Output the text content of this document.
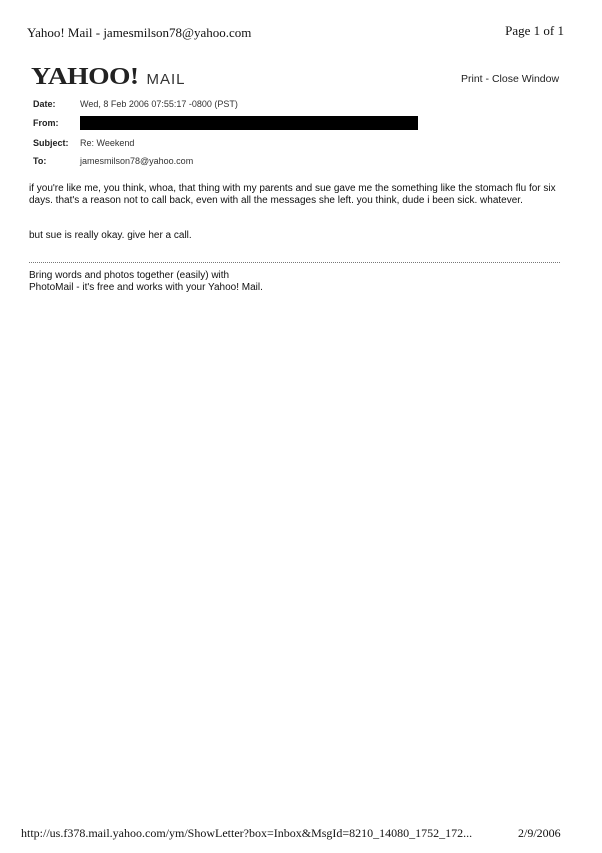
Yahoo! Mail - jamesmilson78@yahoo.com	Page 1 of 1
YAHOO! MAIL	Print - Close Window
Date:	Wed, 8 Feb 2006 07:55:17 -0800 (PST)
From:
Subject:	Re: Weekend
To:	jamesmilson78@yahoo.com

if you're like me, you think, whoa, that thing with my parents and sue gave me the something like the stomach flu for six days. that's a reason not to call back, even with all the messages she left. you think, dude i been sick. whatever.

but sue is really okay. give her a call.

Bring words and photos together (easily) with
PhotoMail - it's free and works with your Yahoo! Mail.
http://us.f378.mail.yahoo.com/ym/ShowLetter?box=Inbox&MsgId=8210_14080_1752_172...	2/9/2006
